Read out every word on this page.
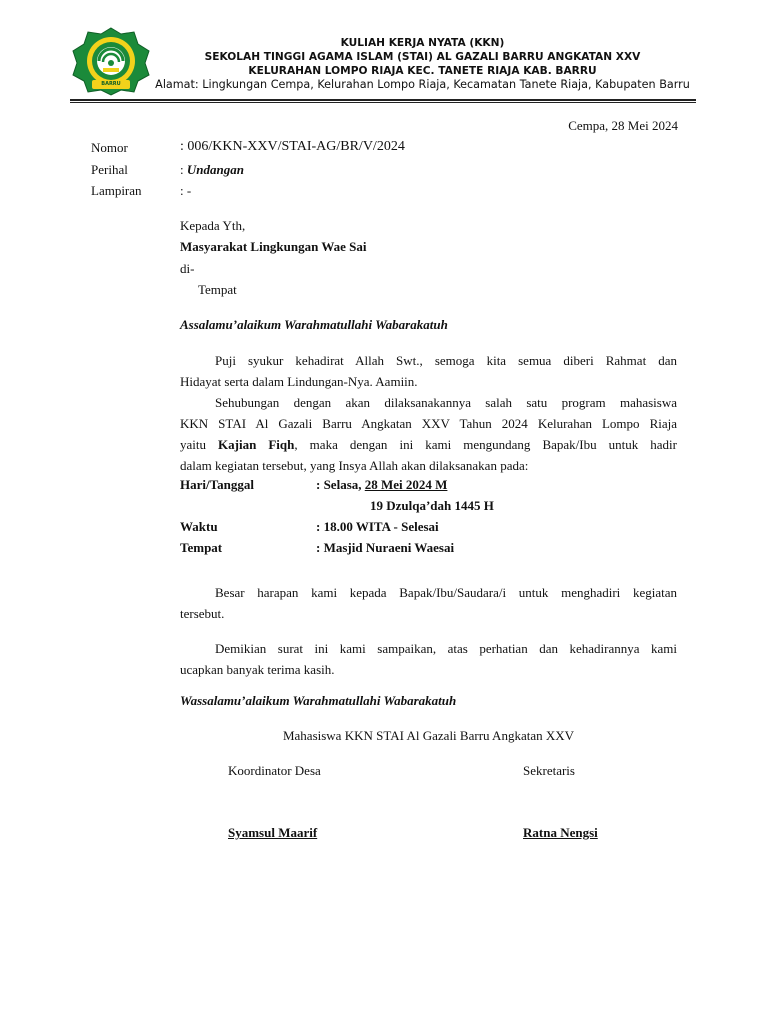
BARRU
KULIAH KERJA NYATA (KKN)
SEKOLAH TINGGI AGAMA ISLAM (STAI) AL GAZALI BARRU ANGKATAN XXV
KELURAHAN LOMPO RIAJA KEC. TANETE RIAJA KAB. BARRU
Alamat: Lingkungan Cempa, Kelurahan Lompo Riaja, Kecamatan Tanete Riaja, Kabupaten Barru
Cempa, 28 Mei 2024
Nomor	: 006/KKN-XXV/STAI-AG/BR/V/2024
Perihal	: Undangan
Lampiran	: -
Kepada Yth,
Masyarakat Lingkungan Wae Sai
di-
Tempat
Assalamu’alaikum Warahmatullahi Wabarakatuh
Puji syukur kehadirat Allah Swt., semoga kita semua diberi Rahmat dan
Hidayat serta dalam Lindungan-Nya. Aamiin.
Sehubungan dengan akan dilaksanakannya salah satu program mahasiswa
KKN STAI Al Gazali Barru Angkatan XXV Tahun 2024 Kelurahan Lompo Riaja
yaitu Kajian Fiqh, maka dengan ini kami mengundang Bapak/Ibu untuk hadir
dalam kegiatan tersebut, yang Insya Allah akan dilaksanakan pada:
Hari/Tanggal	: Selasa, 28 Mei 2024 M
19 Dzulqa’dah 1445 H
Waktu	: 18.00 WITA - Selesai
Tempat	: Masjid Nuraeni Waesai
Besar harapan kami kepada Bapak/Ibu/Saudara/i untuk menghadiri kegiatan
tersebut.
Demikian surat ini kami sampaikan, atas perhatian dan kehadirannya kami
ucapkan banyak terima kasih.
Wassalamu’alaikum Warahmatullahi Wabarakatuh
Mahasiswa KKN STAI Al Gazali Barru Angkatan XXV
Koordinator Desa	Sekretaris
Syamsul Maarif	Ratna Nengsi
